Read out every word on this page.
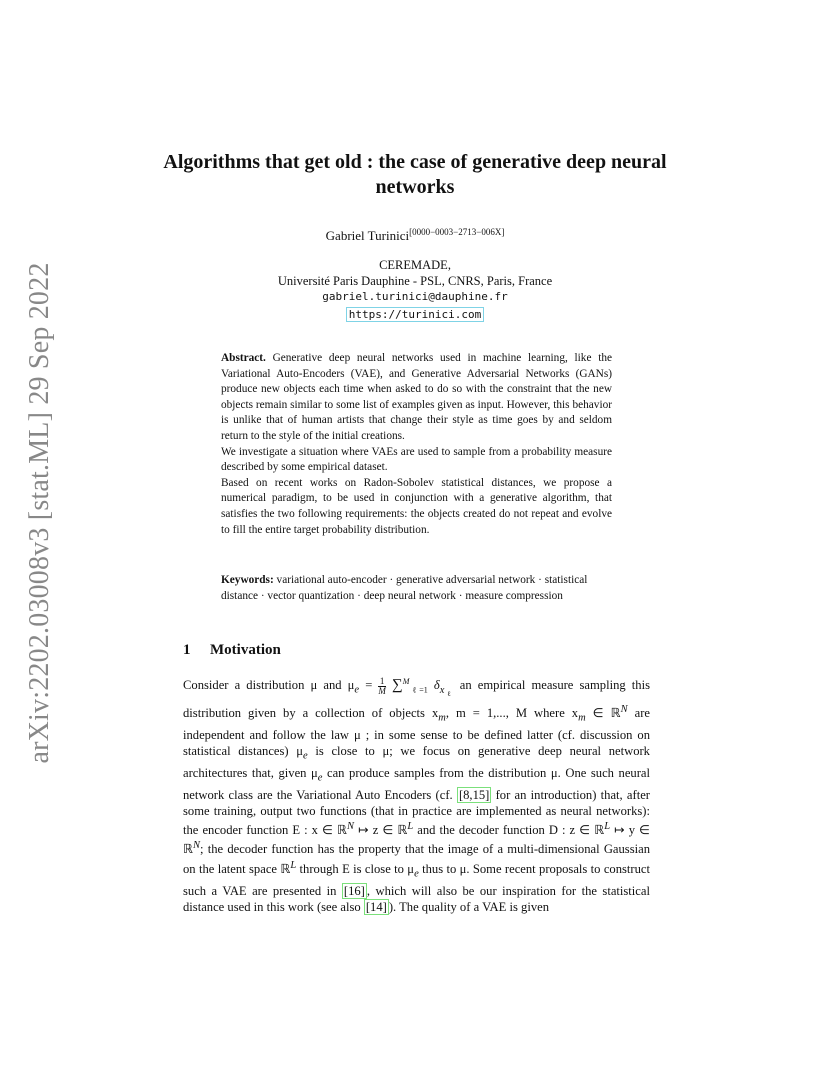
arXiv:2202.03008v3 [stat.ML] 29 Sep 2022
Algorithms that get old : the case of generative deep neural networks
Gabriel Turinici[0000−0003−2713−006X]
CEREMADE,
Université Paris Dauphine - PSL, CNRS, Paris, France
gabriel.turinici@dauphine.fr
https://turinici.com

Abstract. Generative deep neural networks used in machine learning, like the Variational Auto-Encoders (VAE), and Generative Adversarial Networks (GANs) produce new objects each time when asked to do so with the constraint that the new objects remain similar to some list of examples given as input. However, this behavior is unlike that of human artists that change their style as time goes by and seldom return to the style of the initial creations.

We investigate a situation where VAEs are used to sample from a probability measure described by some empirical dataset.

Based on recent works on Radon-Sobolev statistical distances, we propose a numerical paradigm, to be used in conjunction with a generative algorithm, that satisfies the two following requirements: the objects created do not repeat and evolve to fill the entire target probability distribution.

Keywords: variational auto-encoder · generative adversarial network · statistical distance · vector quantization · deep neural network · measure compression
1 Motivation

Consider a distribution μ and $\mu_e = \frac{1}{M} \sum^M_{\ell=1}$ $\delta_{x_\ell}$ an empirical measure sampling this distribution given by a collection of objects $x_m$, m = 1,..., M where $x_m$ ∈ ℝ$^N$ are independent and follow the law μ ; in some sense to be defined latter (cf. discussion on statistical distances) $\mu_e$ is close to μ; we focus on generative deep neural network architectures that, given $\mu_e$ can produce samples from the distribution μ. One such neural network class are the Variational Auto Encoders (cf. [8,15] for an introduction) that, after some training, output two functions (that in practice are implemented as neural networks): the encoder function E : x ∈ ℝ$^N$ ↦ z ∈ ℝ$^L$ and the decoder function D : z ∈ ℝ$^L$ ↦ y ∈ ℝ$^N$; the decoder function has the property that the image of a multi-dimensional Gaussian on the latent space ℝ$^L$ through E is close to $\mu_e$ thus to μ. Some recent proposals to construct such a VAE are presented in [16] , which will also be our inspiration for the statistical distance used in this work (see also [14] ). The quality of a VAE is given
